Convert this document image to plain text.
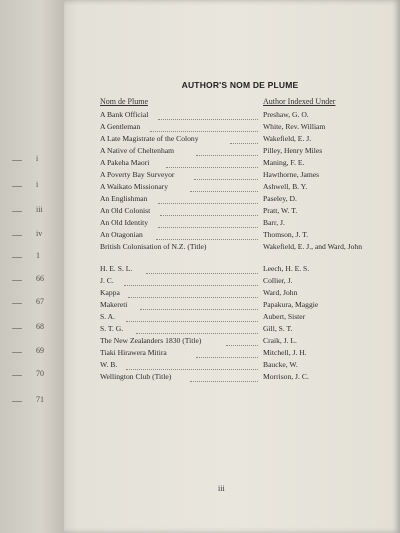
i
i
iii
iv
1
66
67
68
69
70
71
AUTHOR'S NOM DE PLUME
Nom de Plume	Author Indexed Under
A Bank Official	Preshaw, G. O.
A Gentleman	White, Rev. William
A Late Magistrate of the Colony	Wakefield, E. J.
A Native of Cheltenham	Pilley, Henry Miles
A Pakeha Maori	Maning, F. E.
A Poverty Bay Surveyor	Hawthorne, James
A Waikato Missionary	Ashwell, B. Y.
An Englishman	Paseley, D.
An Old Colonist	Pratt, W. T.
An Old Identity	Barr, J.
An Otagonian	Thomson, J. T.
British Colonisation of N.Z. (Title)	Wakefield, E. J., and Ward, John
H. E. S. L.	Leech, H. E. S.
J. C.	Collier, J.
Kappa	Ward, John
Makereti	Papakura, Maggie
S. A.	Aubert, Sister
S. T. G.	Gill, S. T.
The New Zealanders 1830 (Title)	Craik, J. L.
Tiaki Hirawera Mitira	Mitchell, J. H.
W. B.	Baucke, W.
Wellington Club (Title)	Morrison, J. C.
iii
